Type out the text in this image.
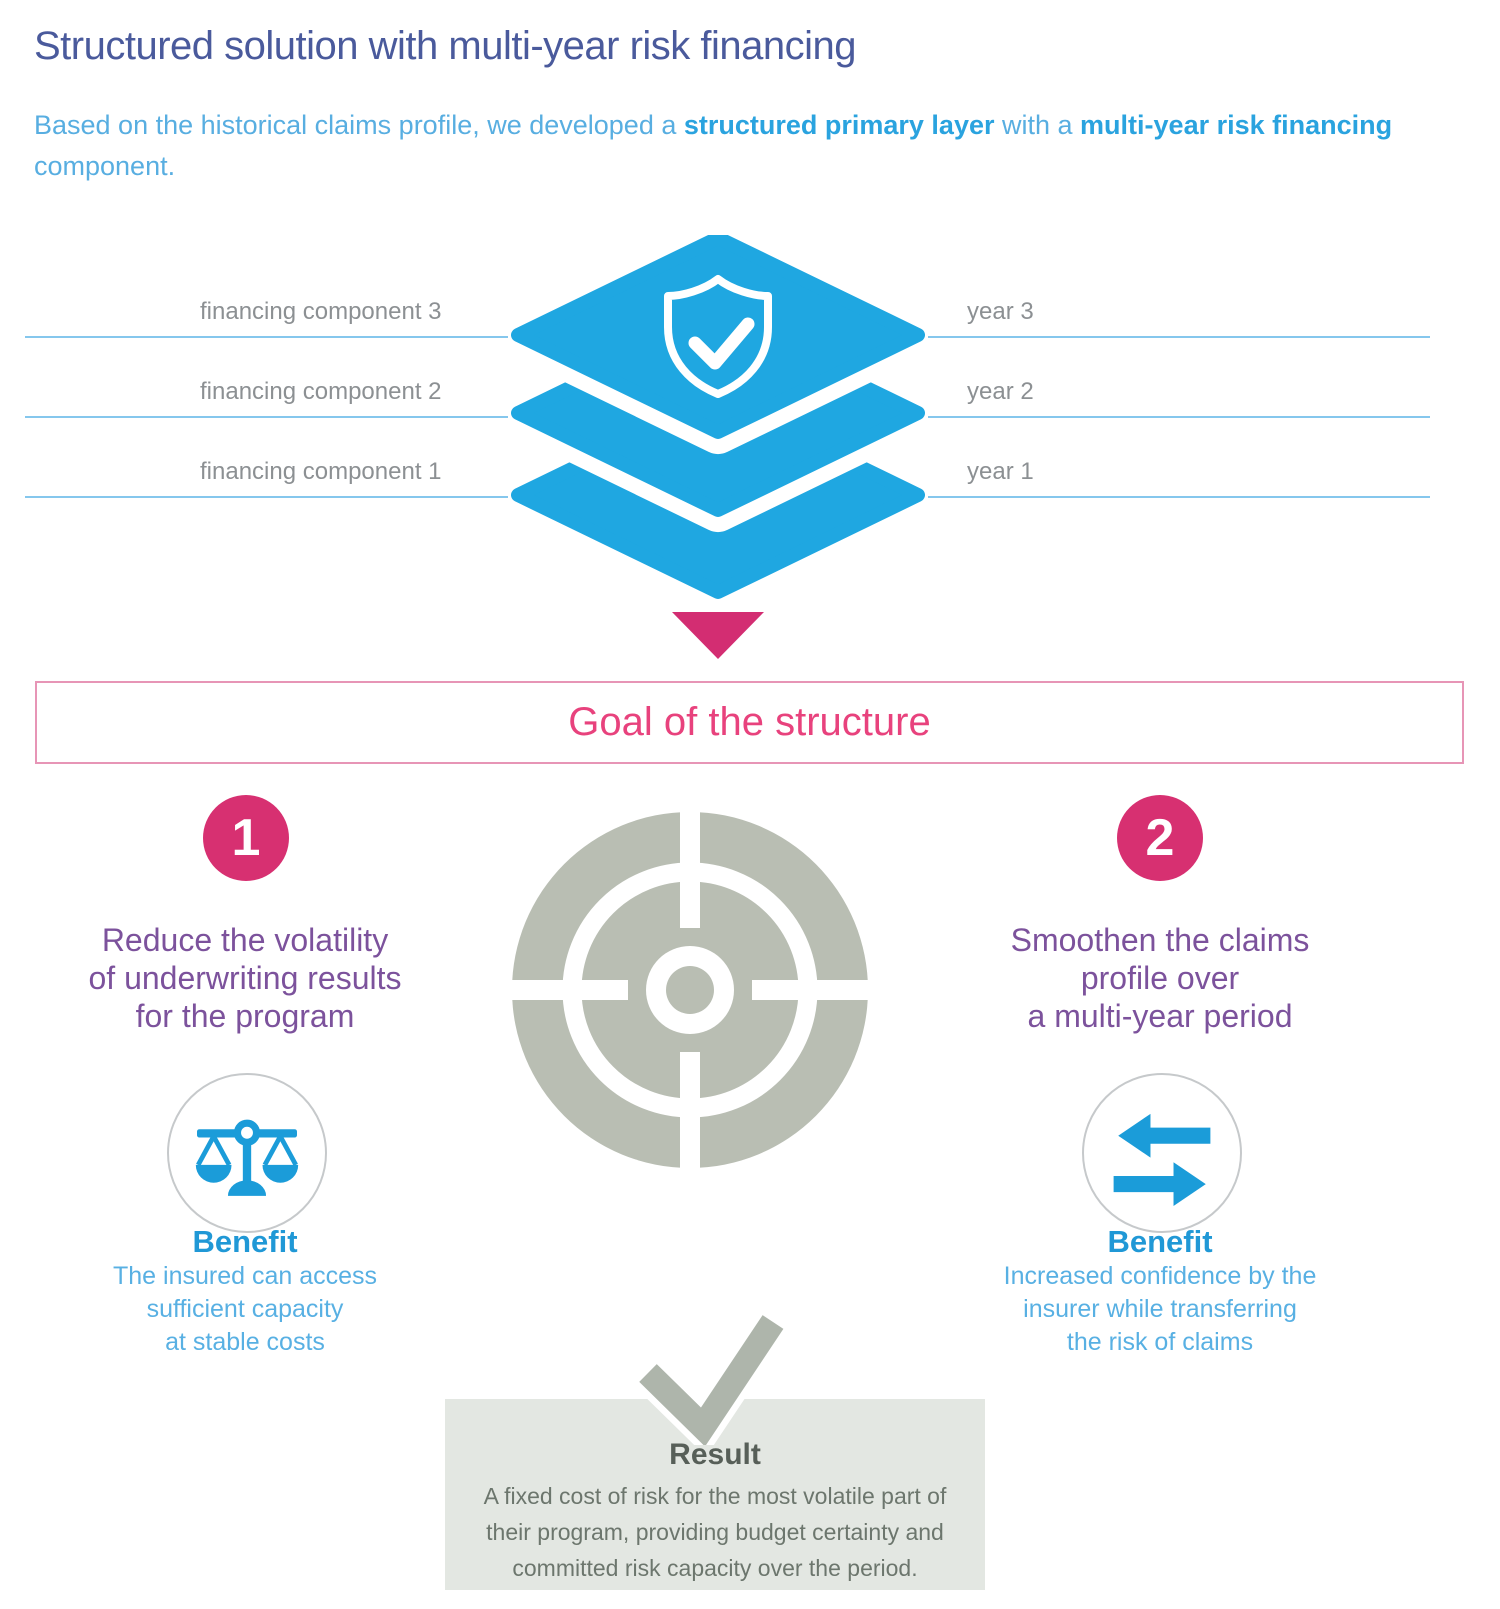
Structured solution with multi-year risk financing
Based on the historical claims profile, we developed a structured primary layer with a multi-year risk financing
component.
financing component 3
financing component 2
financing component 1
year 3
year 2
year 1
Goal of the structure
1	2
Reduce the volatility
of underwriting results
for the program
Smoothen the claims
profile over
a multi-year period
Benefit	Benefit
The insured can access
sufficient capacity
at stable costs
Increased confidence by the
insurer while transferring
the risk of claims
Result
A fixed cost of risk for the most volatile part of
their program, providing budget certainty and
committed risk capacity over the period.
